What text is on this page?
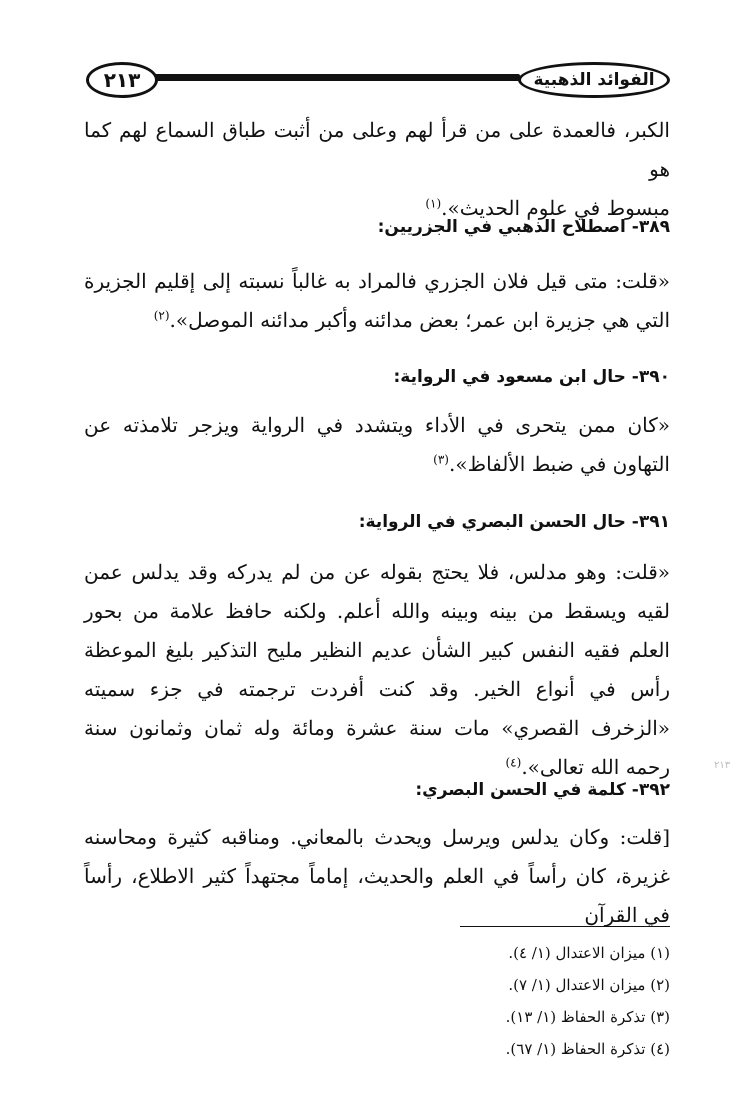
٢١٣	الفوائد الذهبية

الكبر، فالعمدة على من قرأ لهم وعلى من أثبت طباق السماع لهم كما هو
مبسوط في علوم الحديث».$^{(١)}$

٣٨٩- اصطلاح الذهبي في الجزريين:

«قلت: متى قيل فلان الجزري فالمراد به غالباً نسبته إلى إقليم الجزيرة التي هي جزيرة ابن عمر؛ بعض مدائنه وأكبر مدائنه الموصل».$^{(٢)}$

٣٩٠- حال ابن مسعود في الرواية:

«كان ممن يتحرى في الأداء ويتشدد في الرواية ويزجر تلامذته عن التهاون في ضبط الألفاظ».$^{(٣)}$

٣٩١- حال الحسن البصري في الرواية:

«قلت: وهو مدلس، فلا يحتج بقوله عن من لم يدركه وقد يدلس عمن لقيه ويسقط من بينه وبينه والله أعلم. ولكنه حافظ علامة من بحور العلم فقيه النفس كبير الشأن عديم النظير مليح التذكير بليغ الموعظة رأس في أنواع الخير. وقد كنت أفردت ترجمته في جزء سميته «الزخرف القصري» مات سنة عشرة ومائة وله ثمان وثمانون سنة رحمه الله تعالى».$^{(٤)}$

٣٩٢- كلمة في الحسن البصري:

[قلت: وكان يدلس ويرسل ويحدث بالمعاني. ومناقبه كثيرة ومحاسنه غزيرة، كان رأساً في العلم والحديث، إماماً مجتهداً كثير الاطلاع، رأساً في القرآن

(١) ميزان الاعتدال (١/ ٤).

(٢) ميزان الاعتدال (١/ ٧).

(٣) تذكرة الحفاظ (١/ ١٣).

(٤) تذكرة الحفاظ (١/ ٦٧).

٢١٣
